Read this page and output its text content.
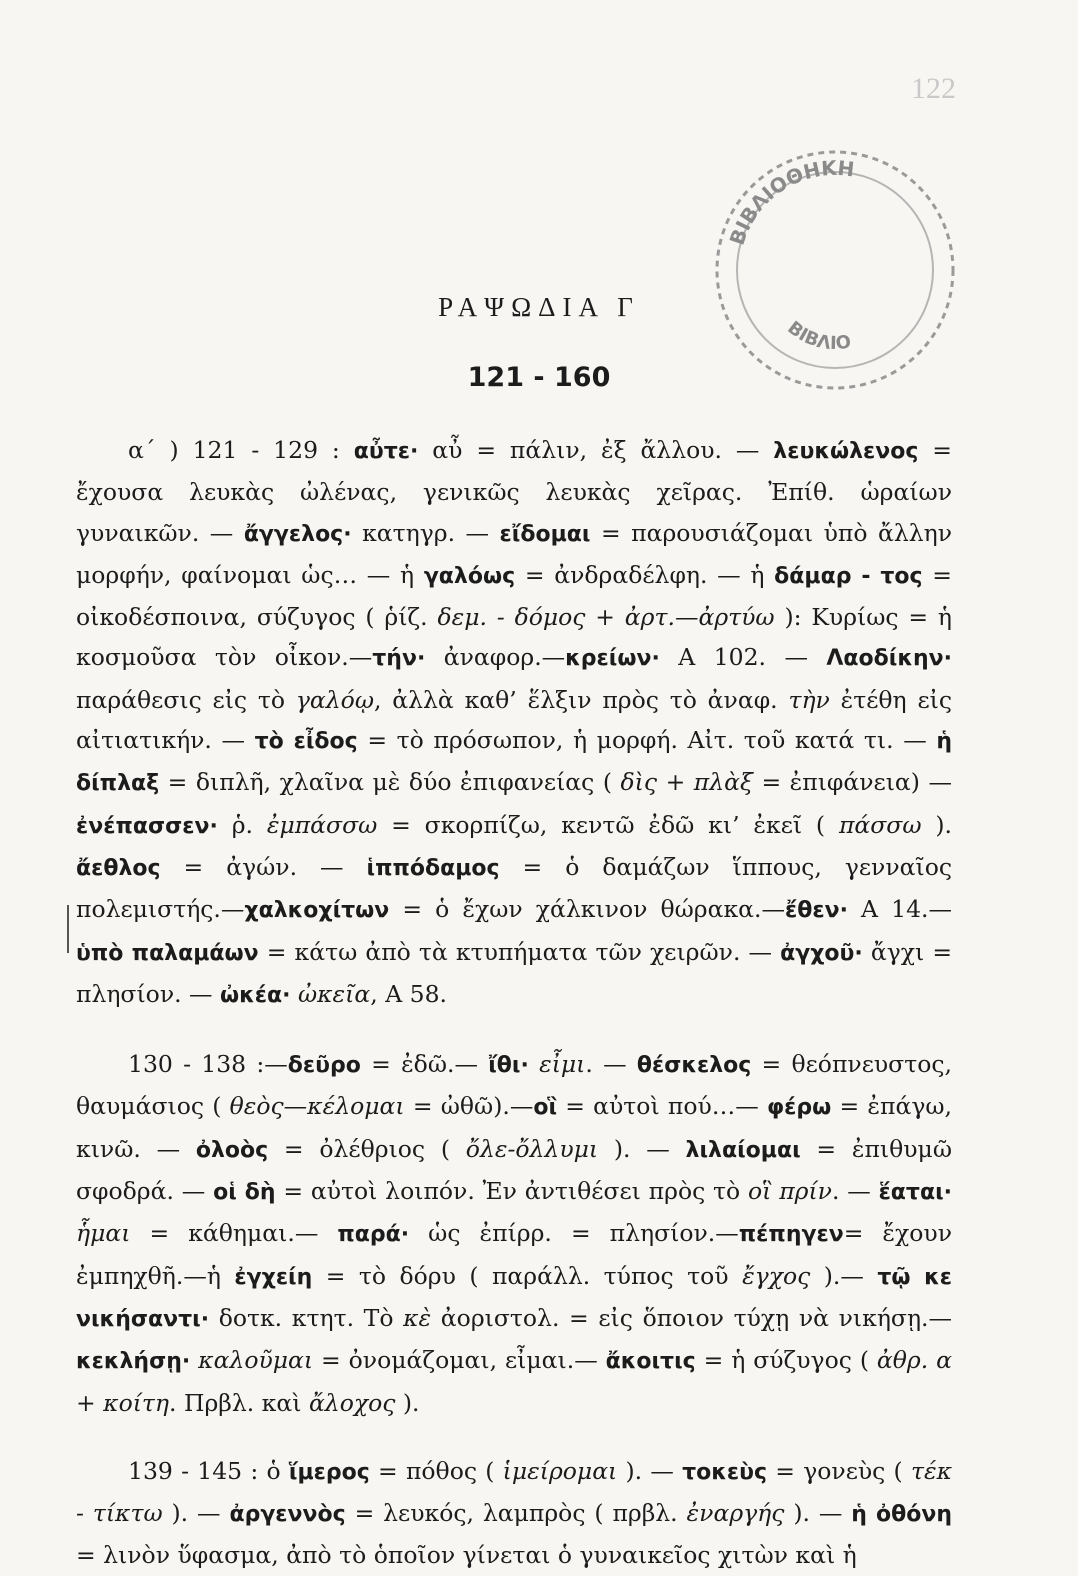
122
ΒΙΒΛΙΟΘΗΚΗ
ΒΙΒΛΙΟ
ΡΑΨΩΔΙΑ Γ
121 - 160

α΄ ) 121 - 129 : αὖτε· αὖ = πάλιν, ἐξ ἄλλου. — λευκώλενος = ἔχουσα λευκὰς ὠλένας, γενικῶς λευκὰς χεῖρας. Ἐπίθ. ὡραίων γυναικῶν. — ἄγγελος· κατηγρ. — εἴδομαι = παρουσιάζομαι ὑπὸ ἄλλην μορφήν, φαίνομαι ὡς… — ἡ γαλόως = ἀνδραδέλφη. — ἡ δάμαρ - τος = οἰκοδέσποινα, σύζυγος ( ῥίζ. δεμ. - δόμος + ἀρτ.—ἀρτύω ): Κυρίως = ἡ κοσμοῦσα τὸν οἶκον.—τήν· ἀναφορ.—κρείων· Α 102. — Λαοδίκην· παράθεσις εἰς τὸ γαλόῳ, ἀλλὰ καθ’ ἕλξιν πρὸς τὸ ἀναφ. τὴν ἐτέθη εἰς αἰτιατικήν. — τὸ εἶδος = τὸ πρόσωπον, ἡ μορφή. Αἰτ. τοῦ κατά τι. — ἡ δίπλαξ = διπλῆ, χλαῖνα μὲ δύο ἐπιφανείας ( δὶς + πλὰξ = ἐπιφάνεια) — ἐνέπασσεν· ῥ. ἐμπάσσω = σκορπίζω, κεντῶ ἐδῶ κι’ ἐκεῖ ( πάσσω ). ἄεθλος = ἀγών. — ἱππόδαμος = ὁ δαμάζων ἵππους, γενναῖος πολεμιστής.—χαλκοχίτων = ὁ ἔχων χάλκινον θώρακα.—ἔθεν· Α 14.—ὑπὸ παλαμάων = κάτω ἀπὸ τὰ κτυπήματα τῶν χειρῶν. — ἀγχοῦ· ἄγχι = πλησίον. — ὠκέα· ὠκεῖα, Α 58.

130 - 138 :—δεῦρο = ἐδῶ.— ἴθι· εἶμι. — θέσκελος = θεόπνευστος, θαυμάσιος ( θεὸς—κέλομαι = ὠθῶ).—οἳ = αὐτοὶ πού…— φέρω = ἐπάγω, κινῶ. — ὀλοὸς = ὀλέθριος ( ὄλε-ὄλλυμι ). — λιλαίομαι = ἐπιθυμῶ σφοδρά. — οἱ δὴ = αὐτοὶ λοιπόν. Ἐν ἀντιθέσει πρὸς τὸ οἳ πρίν. — ἕαται· ἧμαι = κάθημαι.— παρά· ὡς ἐπίρρ. = πλησίον.—πέπηγεν= ἔχουν ἐμπηχθῆ.—ἡ ἐγχείη = τὸ δόρυ ( παράλλ. τύπος τοῦ ἔγχος ).— τῷ κε νικήσαντι· δοτκ. κτητ. Τὸ κὲ ἀοριστολ. = εἰς ὅποιον τύχῃ νὰ νικήσῃ.— κεκλήσῃ· καλοῦμαι = ὀνομάζομαι, εἶμαι.— ἄκοιτις = ἡ σύζυγος ( ἀθρ. α + κοίτη. Πρβλ. καὶ ἄλοχος ).

139 - 145 : ὁ ἵμερος = πόθος ( ἱμείρομαι ). — τοκεὺς = γονεὺς ( τέκ - τίκτω ). — ἀργεννὸς = λευκός, λαμπρὸς ( πρβλ. ἐναργής ). — ἡ ὀθόνη = λινὸν ὕφασμα, ἀπὸ τὸ ὁποῖον γίνεται ὁ γυναικεῖος χιτὼν καὶ ἡ
